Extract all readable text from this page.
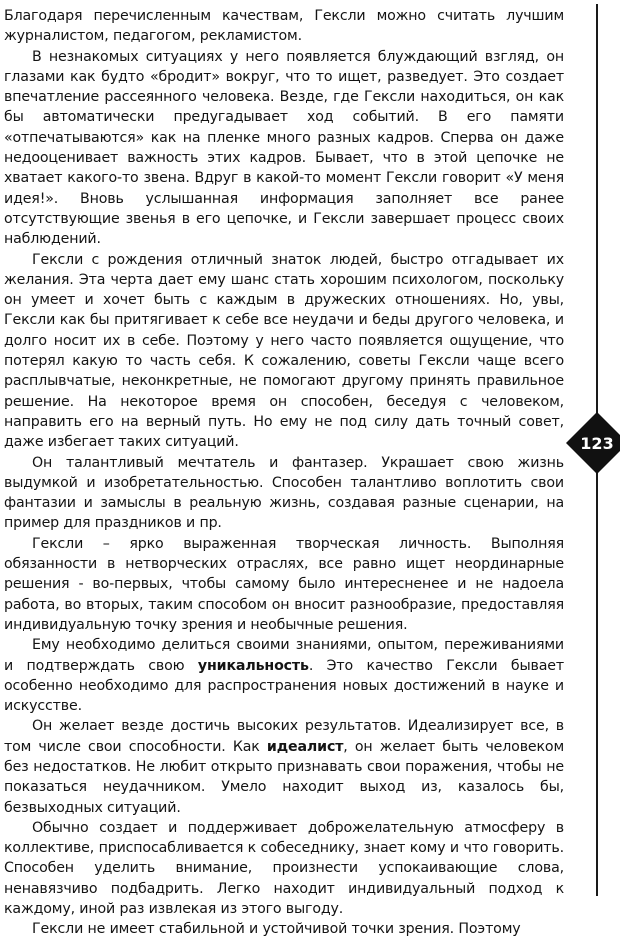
Благодаря перечисленным качествам, Гексли можно считать лучшим журналистом, педагогом, рекламистом.

В незнакомых ситуациях у него появляется блуждающий взгляд, он глазами как будто «бродит» вокруг, что то ищет, разведует. Это создает впечатление рассеянного человека. Везде, где Гексли находиться, он как бы автоматически предугадывает ход событий. В его памяти «отпечатываются» как на пленке много разных кадров. Сперва он даже недооценивает важность этих кадров. Бывает, что в этой цепочке не хватает какого-то звена. Вдруг в какой-то момент Гексли говорит «У меня идея!». Вновь услышанная информация заполняет все ранее отсутствующие звенья в его цепочке, и Гексли завершает процесс своих наблюдений.

Гексли с рождения отличный знаток людей, быстро отгадывает их желания. Эта черта дает ему шанс стать хорошим психологом, поскольку он умеет и хочет быть с каждым в дружеских отношениях. Но, увы, Гексли как бы притягивает к себе все неудачи и беды другого человека, и долго носит их в себе. Поэтому у него часто появляется ощущение, что потерял какую то часть себя. К сожалению, советы Гексли чаще всего расплывчатые, неконкретные, не помогают другому принять правильное решение. На некоторое время он способен, беседуя с человеком, направить его на верный путь. Но ему не под силу дать точный совет, даже избегает таких ситуаций.

Он талантливый мечтатель и фантазер. Украшает свою жизнь выдумкой и изобретательностью. Способен талантливо воплотить свои фантазии и замыслы в реальную жизнь, создавая разные сценарии, на пример для праздников и пр.

Гексли – ярко выраженная творческая личность. Выполняя обязанности в нетворческих отраслях, все равно ищет неординарные решения - во-первых, чтобы самому было интересненее и не надоела работа, во вторых, таким способом он вносит разнообразие, предоставляя индивидуальную точку зрения и необычные решения.

Ему необходимо делиться своими знаниями, опытом, переживаниями и подтверждать свою уникальность. Это качество Гексли бывает особенно необходимо для распространения новых достижений в науке и искусстве.

Он желает везде достичь высоких результатов. Идеализирует все, в том числе свои способности. Как идеалист, он желает быть человеком без недостатков. Не любит открыто признавать свои поражения, чтобы не показаться неудачником. Умело находит выход из, казалось бы, безвыходных ситуаций.

Обычно создает и поддерживает доброжелательную атмосферу в коллективе, приспосабливается к собеседнику, знает кому и что говорить. Способен уделить внимание, произнести успокаивающие слова, ненавязчиво подбадрить. Легко находит индивидуальный подход к каждому, иной раз извлекая из этого выгоду.

Гексли не имеет стабильной и устойчивой точки зрения. Поэтому

123
